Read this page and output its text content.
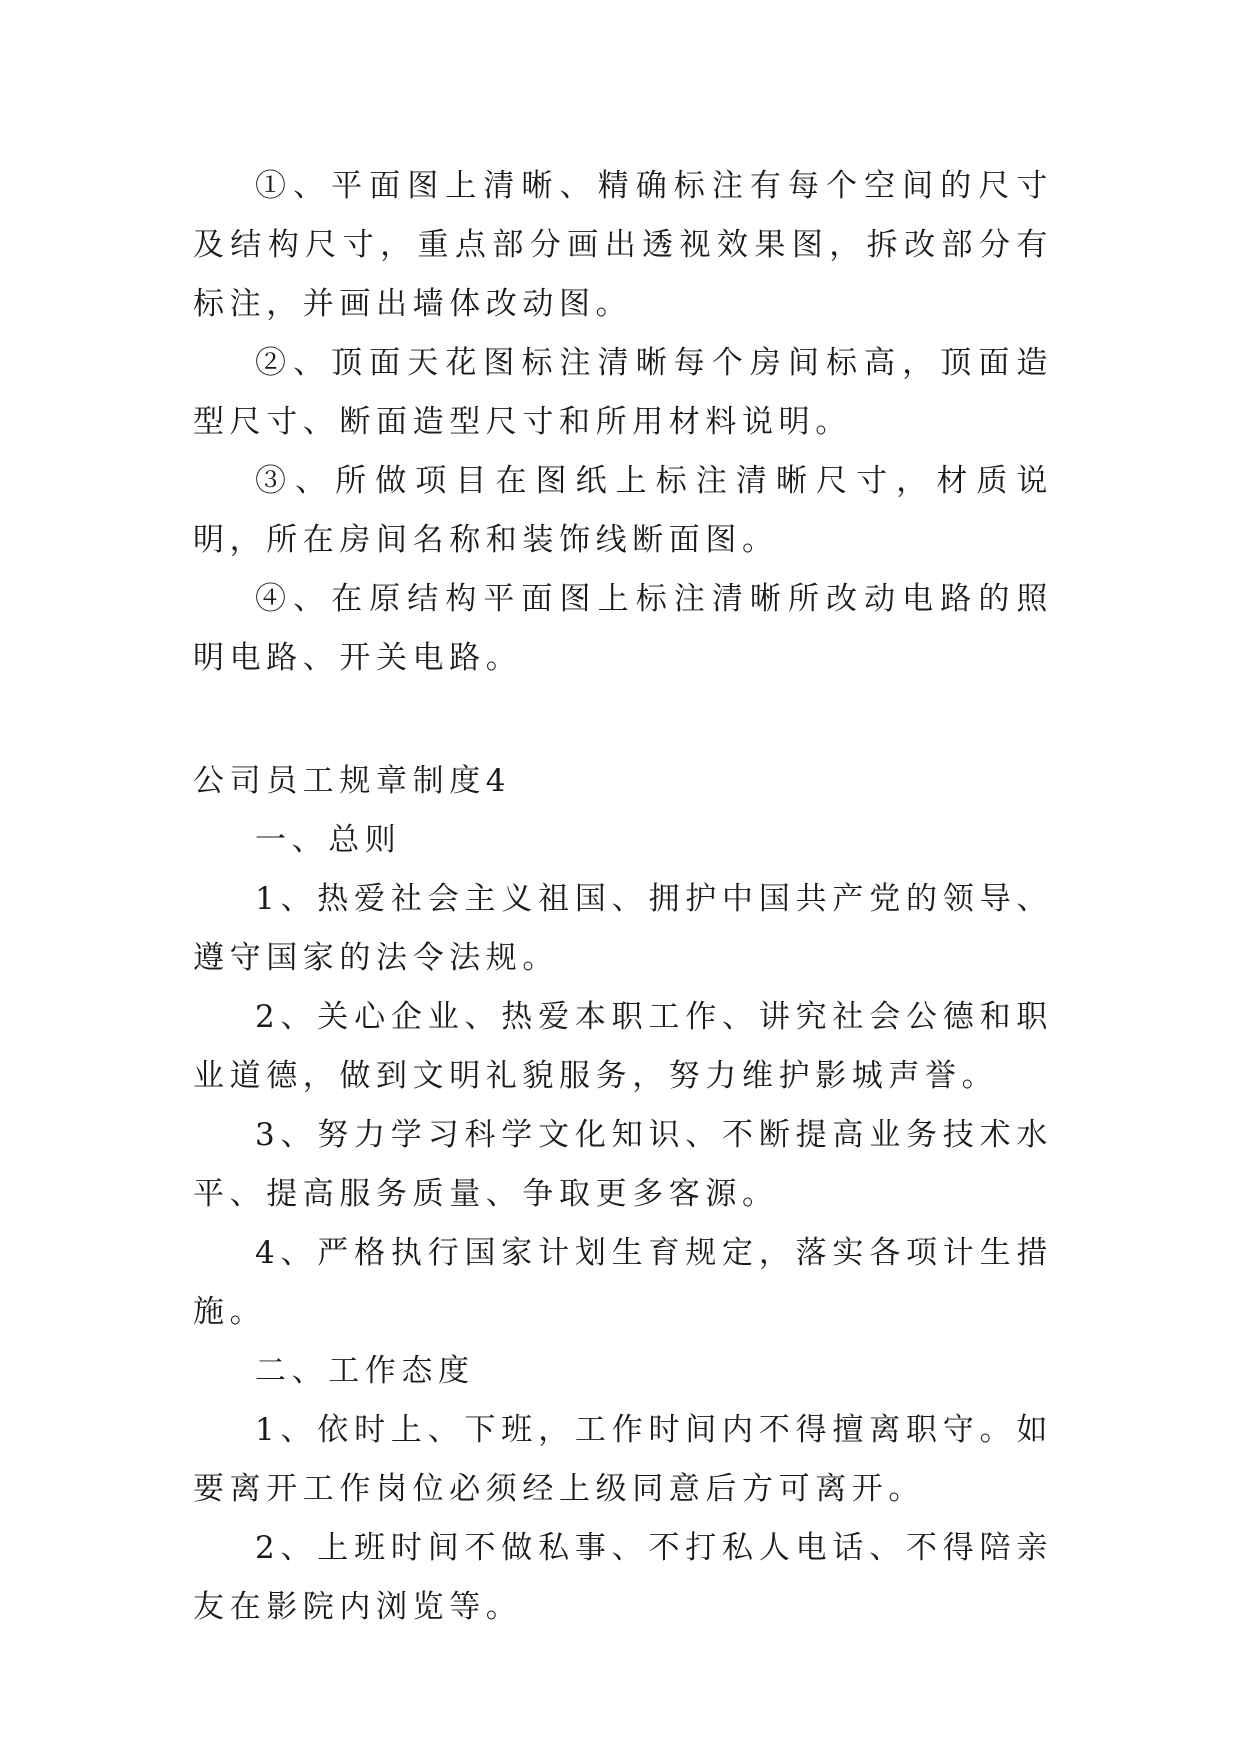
①、平面图上清晰、精确标注有每个空间的尺寸及结构尺寸，重点部分画出透视效果图，拆改部分有标注，并画出墙体改动图。

②、顶面天花图标注清晰每个房间标高，顶面造型尺寸、断面造型尺寸和所用材料说明。

③、所做项目在图纸上标注清晰尺寸，材质说明，所在房间名称和装饰线断面图。

④、在原结构平面图上标注清晰所改动电路的照明电路、开关电路。

公司员工规章制度4

一、总则

1、热爱社会主义祖国、拥护中国共产党的领导、遵守国家的法令法规。

2、关心企业、热爱本职工作、讲究社会公德和职业道德，做到文明礼貌服务，努力维护影城声誉。

3、努力学习科学文化知识、不断提高业务技术水平、提高服务质量、争取更多客源。

4、严格执行国家计划生育规定，落实各项计生措施。

二、工作态度

1、依时上、下班，工作时间内不得擅离职守。如要离开工作岗位必须经上级同意后方可离开。

2、上班时间不做私事、不打私人电话、不得陪亲友在影院内浏览等。
